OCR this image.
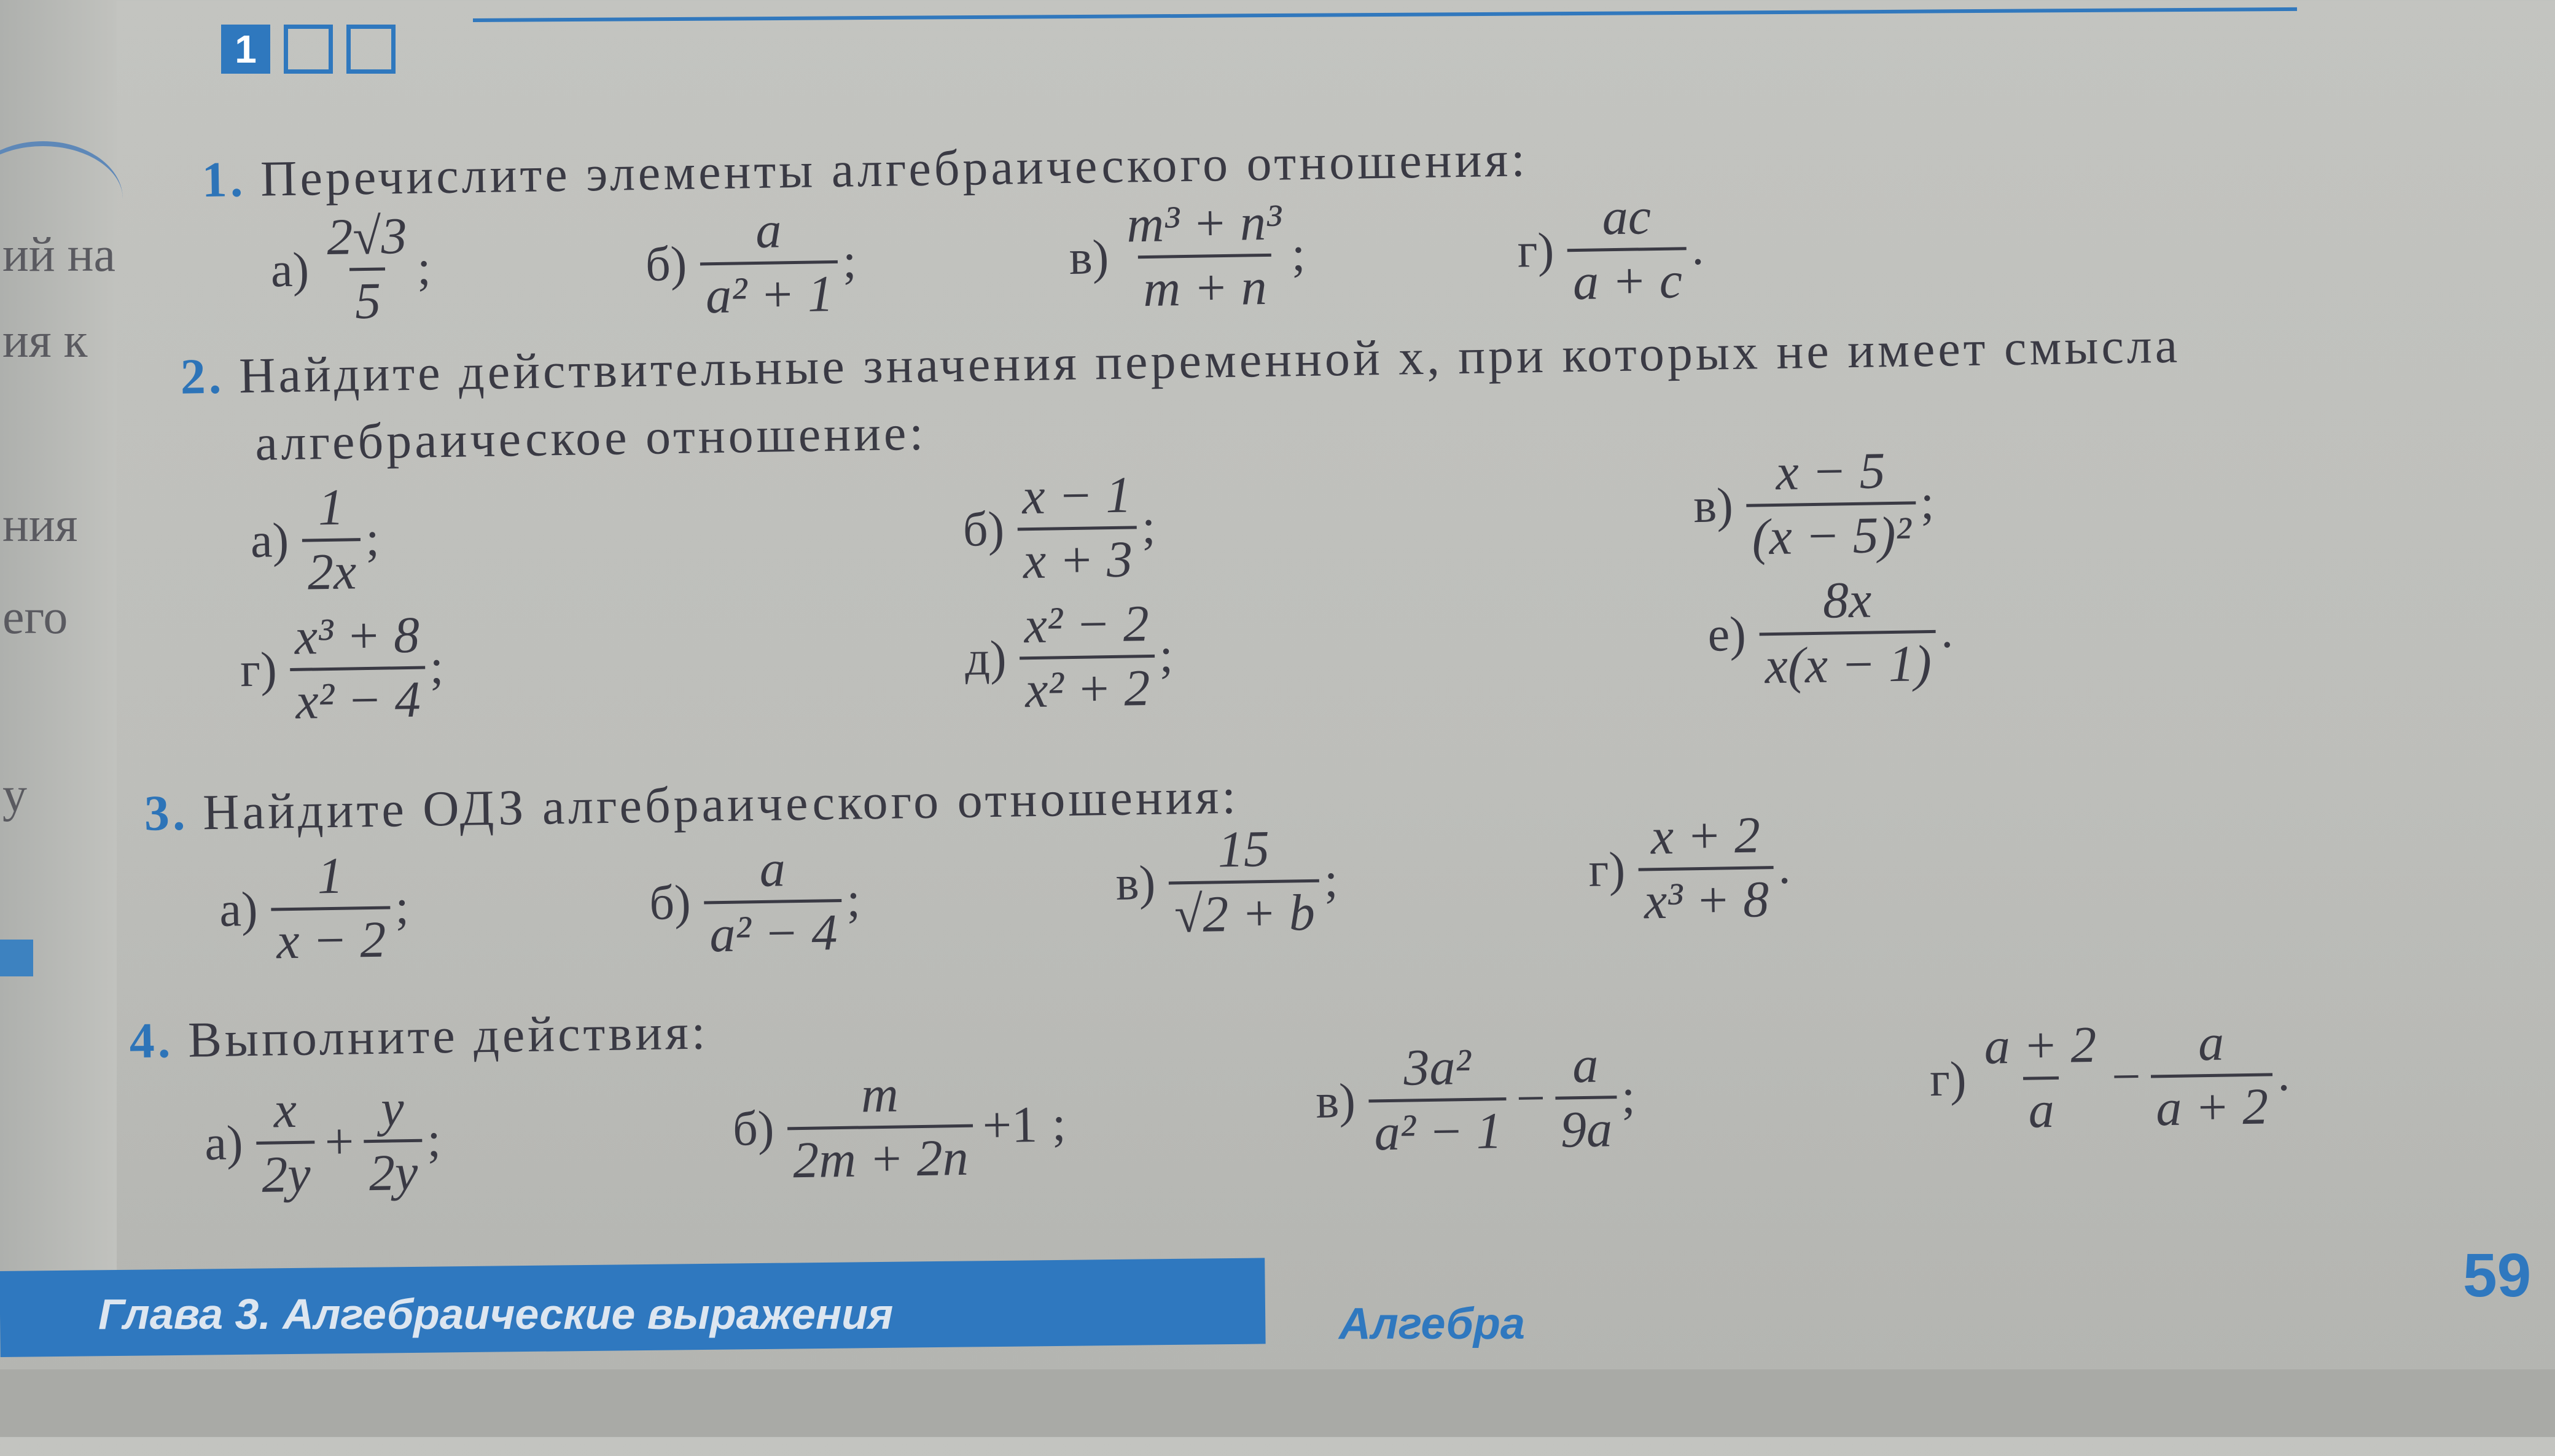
ий на
ия к
ния
его
у
1
1. Перечислите элементы алгебраического отношения:
$а) \frac{2√3}{5}$ ;	$б) \frac{a}{\text{a² + 1}}$ ;	$в) \frac{\text{m³ + n³}}{m + n}$ ;	$г) \frac{ac}{a + c}$ .
2. Найдите действительные значения переменной x, при которых не имеет смысла
алгебраическое отношение:
$а) \frac{1}{2x}$ ;	$б) \frac{x - 1}{x + 3}$ ;	$в) \frac{x - 5}{\text{(x − 5)²}}$ ;
$г) \frac{\text{x³ + 8}}{\text{x² − 4}}$ ;	$д) \frac{\text{x² − 2}}{\text{x² + 2}}$ ;	$е) \frac{8x}{x(x - 1)}$ .
3. Найдите ОДЗ алгебраического отношения:
$а) \frac{1}{x - 2}$ ;	$б) \frac{a}{\text{a² − 4}}$ ;	$в) \frac{15}{√2 + b}$ ;	$г) \frac{x + 2}{\text{x³ + 8}}$ .
4. Выполните действия:
$а) \frac{x}{2y} + \frac{y}{2y}$ ;	$б) \frac{m}{2m + 2n} +1$ ;	$в) \frac{\text{3a²}}{\text{a² − 1}} - \frac{a}{9a}$ ;	$г) \frac{a + 2}{a} - \frac{a}{a + 2}$ .
Глава 3. Алгебраические выражения	Алгебра
59
